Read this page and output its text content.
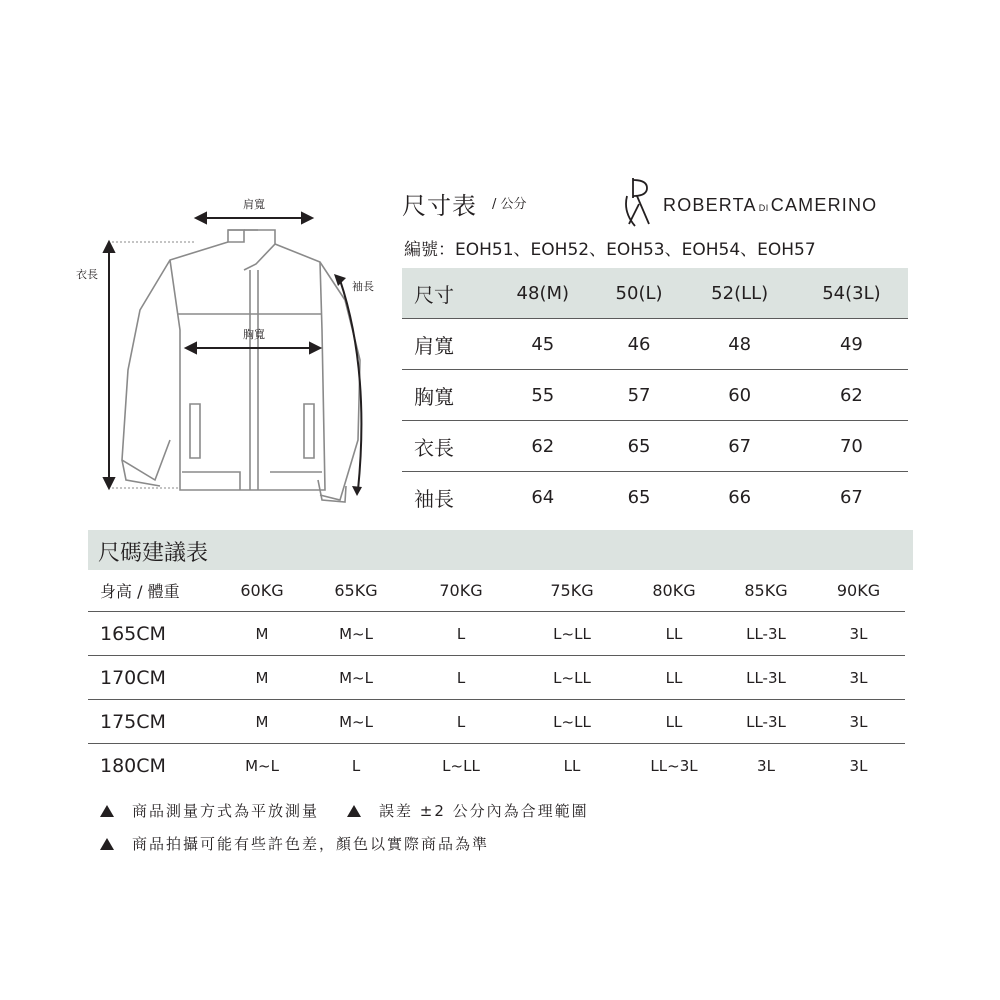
肩寬
胸寬
衣長
袖長
尺寸表 / 公分	ROBERTA DI CAMERINO
編號：EOH51、EOH52、EOH53、EOH54、EOH57
尺寸	48(M)	50(L)	52(LL)	54(3L)
肩寬	45	46	48	49
胸寬	55	57	60	62
衣長	62	65	67	70
袖長	64	65	66	67
尺碼建議表
身高 / 體重	60KG	65KG	70KG	75KG	80KG	85KG	90KG
165CM	M	M~L	L	L~LL	LL	LL-3L	3L
170CM	M	M~L	L	L~LL	LL	LL-3L	3L
175CM	M	M~L	L	L~LL	LL	LL-3L	3L
180CM	M~L	L	L~LL	LL	LL~3L	3L	3L
商品測量方式為平放測量	誤差 ±2 公分內為合理範圍
商品拍攝可能有些許色差，顏色以實際商品為準
